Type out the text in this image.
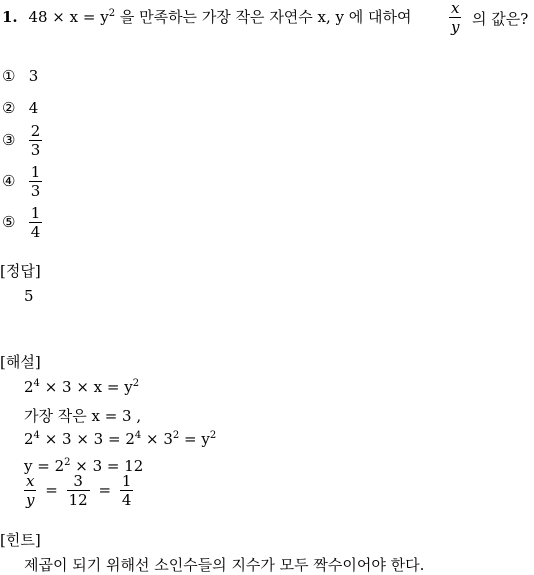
1. $48 \times x = y^2$ 을 만족하는 가장 작은 자연수 x, y 에 대하여 $\frac{x}{y}$ 의 값은?
① 3
② 4
③ $\frac{2}{3}$
④ $\frac{1}{3}$
⑤ $\frac{1}{4}$
[정답]
5
[해설]
$2^4 \times 3 \times x = y^2$
가장 작은 x = 3 ,
$2^4 \times 3 \times 3 = 2^4 \times 3^2 = y^2$
$y = 2^2 \times 3 = 12$
$\frac{x}{y} = \frac{3}{12} = \frac{1}{4}$
[힌트]
제곱이 되기 위해선 소인수들의 지수가 모두 짝수이어야 한다.
